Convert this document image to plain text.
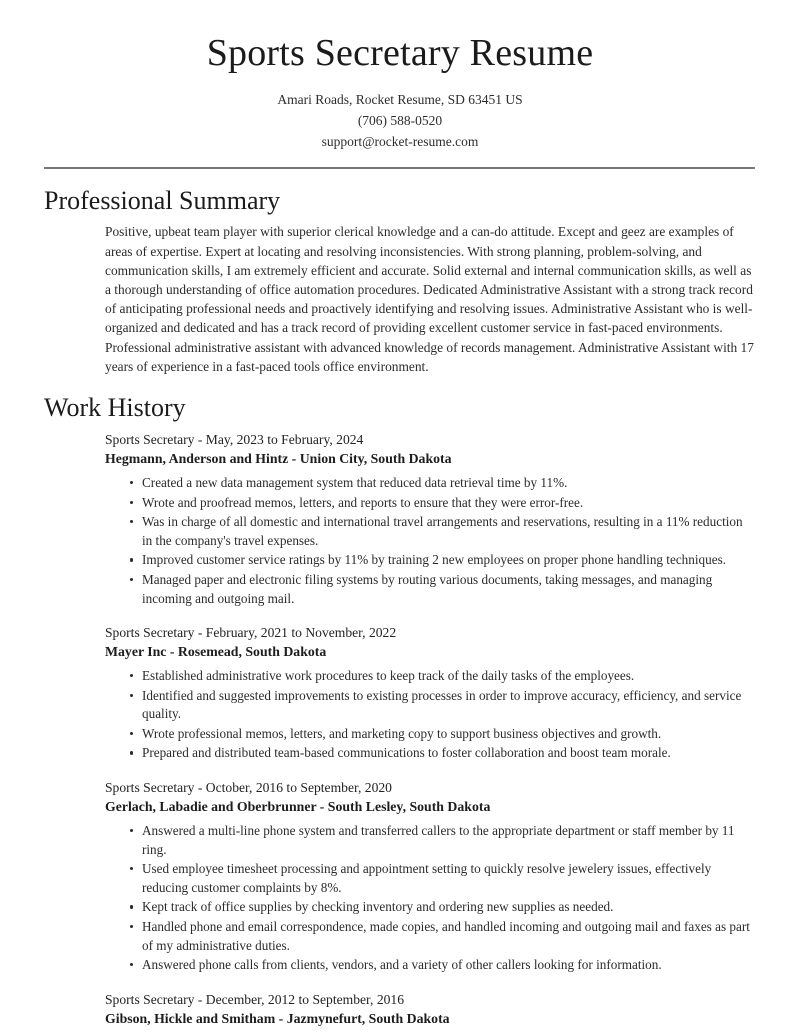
Sports Secretary Resume
Amari Roads, Rocket Resume, SD 63451 US
(706) 588-0520
support@rocket-resume.com
Professional Summary

Positive, upbeat team player with superior clerical knowledge and a can-do attitude. Except and geez are examples of areas of expertise. Expert at locating and resolving inconsistencies. With strong planning, problem-solving, and communication skills, I am extremely efficient and accurate. Solid external and internal communication skills, as well as a thorough understanding of office automation procedures. Dedicated Administrative Assistant with a strong track record of anticipating professional needs and proactively identifying and resolving issues. Administrative Assistant who is well-organized and dedicated and has a track record of providing excellent customer service in fast-paced environments. Professional administrative assistant with advanced knowledge of records management. Administrative Assistant with 17 years of experience in a fast-paced tools office environment.

Work History
Sports Secretary - May, 2023 to February, 2024
Hegmann, Anderson and Hintz - Union City, South Dakota
Created a new data management system that reduced data retrieval time by 11%.
Wrote and proofread memos, letters, and reports to ensure that they were error-free.
Was in charge of all domestic and international travel arrangements and reservations, resulting in a 11% reduction in the company's travel expenses.
Improved customer service ratings by 11% by training 2 new employees on proper phone handling techniques.
Managed paper and electronic filing systems by routing various documents, taking messages, and managing incoming and outgoing mail.
Sports Secretary - February, 2021 to November, 2022
Mayer Inc - Rosemead, South Dakota
Established administrative work procedures to keep track of the daily tasks of the employees.
Identified and suggested improvements to existing processes in order to improve accuracy, efficiency, and service quality.
Wrote professional memos, letters, and marketing copy to support business objectives and growth.
Prepared and distributed team-based communications to foster collaboration and boost team morale.
Sports Secretary - October, 2016 to September, 2020
Gerlach, Labadie and Oberbrunner - South Lesley, South Dakota
Answered a multi-line phone system and transferred callers to the appropriate department or staff member by 11 ring.
Used employee timesheet processing and appointment setting to quickly resolve jewelery issues, effectively reducing customer complaints by 8%.
Kept track of office supplies by checking inventory and ordering new supplies as needed.
Handled phone and email correspondence, made copies, and handled incoming and outgoing mail and faxes as part of my administrative duties.
Answered phone calls from clients, vendors, and a variety of other callers looking for information.
Sports Secretary - December, 2012 to September, 2016
Gibson, Hickle and Smitham - Jazmynefurt, South Dakota
